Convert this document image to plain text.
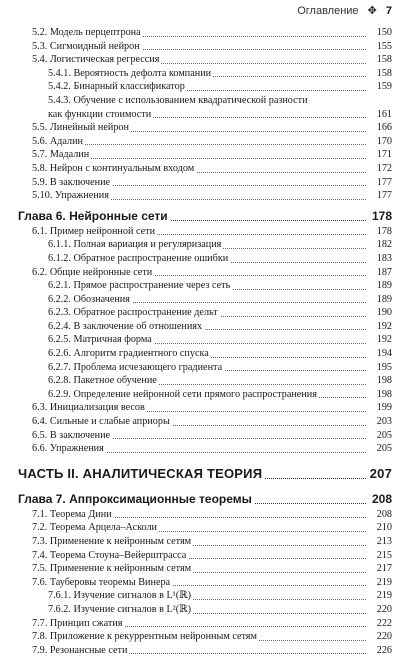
Оглавление ✥ 7
5.2. Модель перцептрона	150
5.3. Сигмоидный нейрон	155
5.4. Логистическая регрессия	158
5.4.1. Вероятность дефолта компании	158
5.4.2. Бинарный классификатор	159
5.4.3. Обучение с использованием квадратической разности
как функции стоимости	161
5.5. Линейный нейрон	166
5.6. Адалин	170
5.7. Мадалин	171
5.8. Нейрон с континуальным входом	172
5.9. В заключение	177
5.10. Упражнения	177
Глава 6. Нейронные сети	178
6.1. Пример нейронной сети	178
6.1.1. Полная вариация и регуляризация	182
6.1.2. Обратное распространение ошибки	183
6.2. Общие нейронные сети	187
6.2.1. Прямое распространение через сеть	189
6.2.2. Обозначения	189
6.2.3. Обратное распространение дельт	190
6.2.4. В заключение об отношениях	192
6.2.5. Матричная форма	192
6.2.6. Алгоритм градиентного спуска	194
6.2.7. Проблема исчезающего градиента	195
6.2.8. Пакетное обучение	198
6.2.9. Определение нейронной сети прямого распространения	198
6.3. Инициализация весов	199
6.4. Сильные и слабые априоры	203
6.5. В заключение	205
6.6. Упражнения	205
ЧАСТЬ II. АНАЛИТИЧЕСКАЯ ТЕОРИЯ	207
Глава 7. Аппроксимационные теоремы	208
7.1. Теорема Дини	208
7.2. Теорема Арцела–Асколи	210
7.3. Применение к нейронным сетям	213
7.4. Теорема Стоуна–Вейерштрасса	215
7.5. Применение к нейронным сетям	217
7.6. Тауберовы теоремы Винера	219
7.6.1. Изучение сигналов в L¹(ℝ)	219
7.6.2. Изучение сигналов в L²(ℝ)	220
7.7. Принцип сжатия	222
7.8. Приложение к рекуррентным нейронным сетям	220
7.9. Резонансные сети	226
